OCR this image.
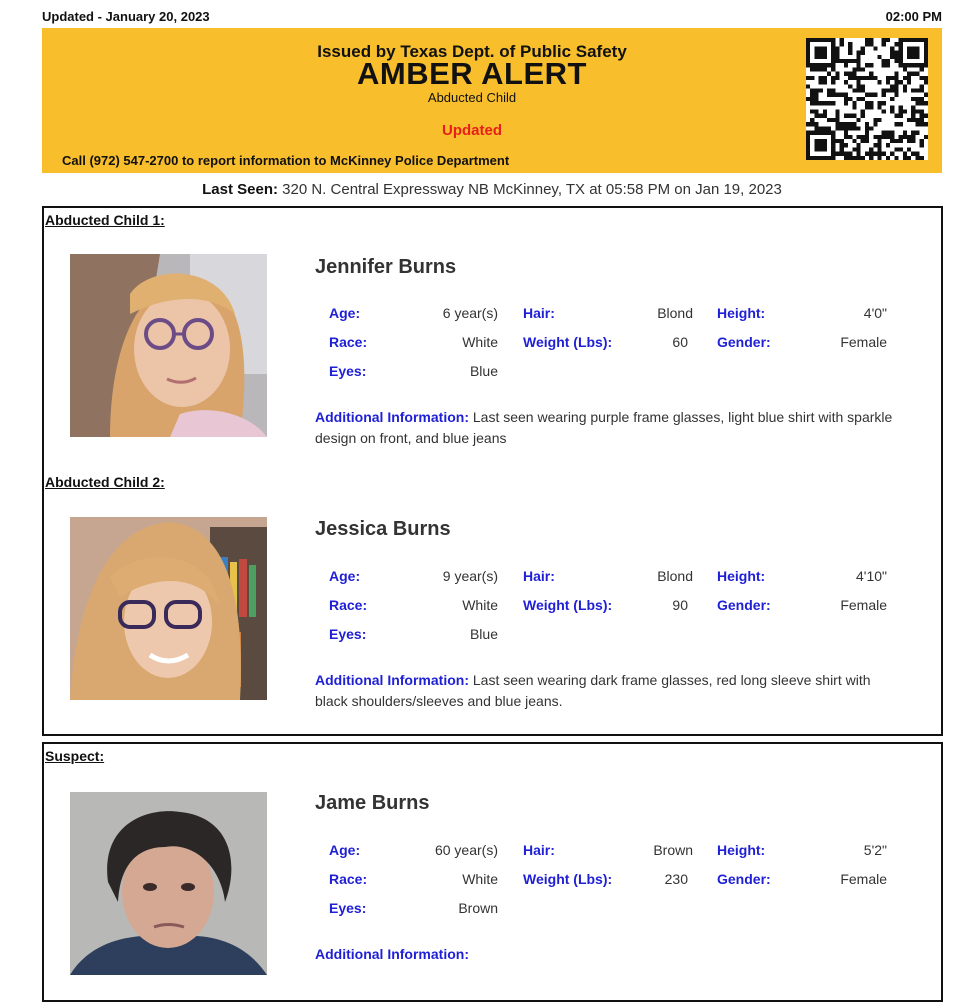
Updated - January 20, 2023	02:00 PM
Issued by Texas Dept. of Public Safety
AMBER ALERT
Abducted Child
Updated
Call (972) 547-2700 to report information to McKinney Police Department
Last Seen: 320 N. Central Expressway NB McKinney, TX at 05:58 PM on Jan 19, 2023
Abducted Child 1:
Jennifer Burns
Age:	6 year(s) Hair:	Blond Height:	4'0"
Race:	White Weight (Lbs):	60 Gender:	Female
Eyes:	Blue
Additional Information: Last seen wearing purple frame glasses, light blue shirt with sparkle design on front, and blue jeans
Abducted Child 2:
Jessica Burns
Age:	9 year(s) Hair:	Blond Height:	4'10"
Race:	White Weight (Lbs):	90 Gender:	Female
Eyes:	Blue
Additional Information: Last seen wearing dark frame glasses, red long sleeve shirt with black shoulders/sleeves and blue jeans.
Suspect:
Jame Burns
Age:	60 year(s) Hair:	Brown Height:	5'2"
Race:	White Weight (Lbs):	230 Gender:	Female
Eyes:	Brown
Additional Information:
